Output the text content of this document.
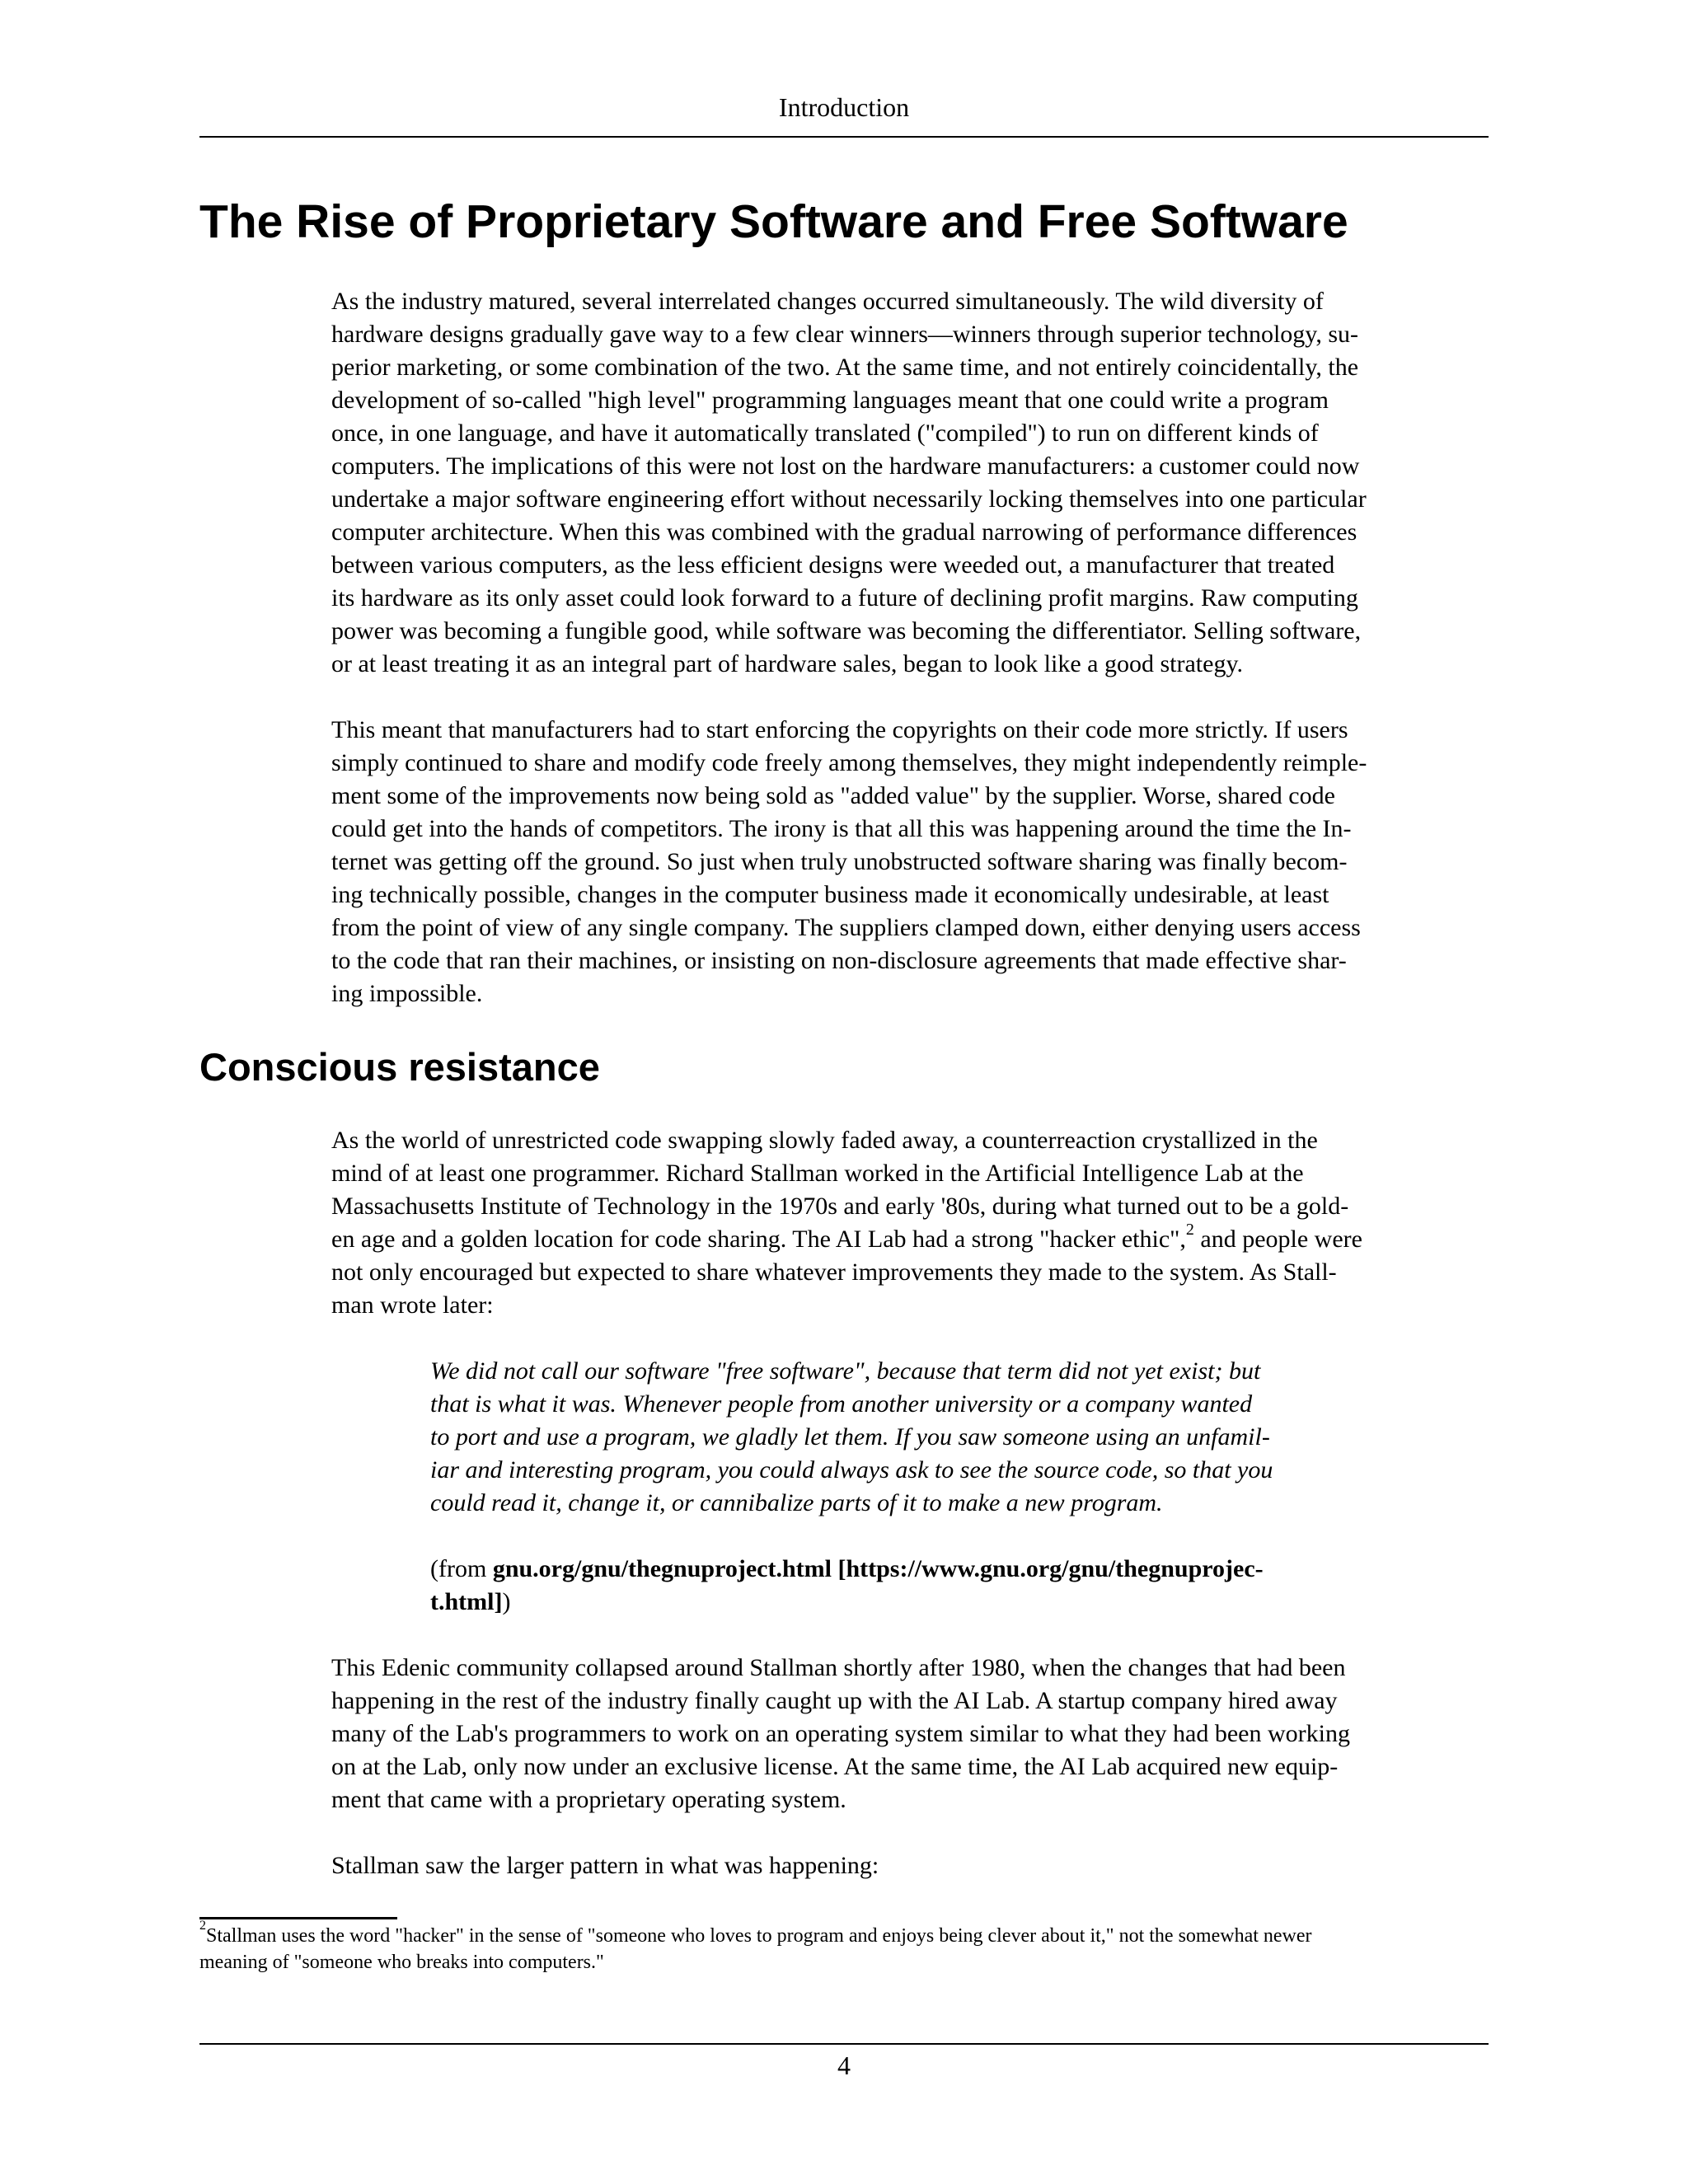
Introduction
The Rise of Proprietary Software and Free Software

As the industry matured, several interrelated changes occurred simultaneously. The wild diversity of
hardware designs gradually gave way to a few clear winners—winners through superior technology, su-
perior marketing, or some combination of the two. At the same time, and not entirely coincidentally, the
development of so-called "high level" programming languages meant that one could write a program
once, in one language, and have it automatically translated ("compiled") to run on different kinds of
computers. The implications of this were not lost on the hardware manufacturers: a customer could now
undertake a major software engineering effort without necessarily locking themselves into one particular
computer architecture. When this was combined with the gradual narrowing of performance differences
between various computers, as the less efficient designs were weeded out, a manufacturer that treated
its hardware as its only asset could look forward to a future of declining profit margins. Raw computing
power was becoming a fungible good, while software was becoming the differentiator. Selling software,
or at least treating it as an integral part of hardware sales, began to look like a good strategy.

This meant that manufacturers had to start enforcing the copyrights on their code more strictly. If users
simply continued to share and modify code freely among themselves, they might independently reimple-
ment some of the improvements now being sold as "added value" by the supplier. Worse, shared code
could get into the hands of competitors. The irony is that all this was happening around the time the In-
ternet was getting off the ground. So just when truly unobstructed software sharing was finally becom-
ing technically possible, changes in the computer business made it economically undesirable, at least
from the point of view of any single company. The suppliers clamped down, either denying users access
to the code that ran their machines, or insisting on non-disclosure agreements that made effective shar-
ing impossible.

Conscious resistance

As the world of unrestricted code swapping slowly faded away, a counterreaction crystallized in the
mind of at least one programmer. Richard Stallman worked in the Artificial Intelligence Lab at the
Massachusetts Institute of Technology in the 1970s and early '80s, during what turned out to be a gold-
en age and a golden location for code sharing. The AI Lab had a strong "hacker ethic",$^2$ and people were
not only encouraged but expected to share whatever improvements they made to the system. As Stall-
man wrote later:

We did not call our software "free software", because that term did not yet exist; but
that is what it was. Whenever people from another university or a company wanted
to port and use a program, we gladly let them. If you saw someone using an unfamil-
iar and interesting program, you could always ask to see the source code, so that you
could read it, change it, or cannibalize parts of it to make a new program.

(from gnu.org/gnu/thegnuproject.html [https://www.gnu.org/gnu/thegnuprojec-
t.html])

This Edenic community collapsed around Stallman shortly after 1980, when the changes that had been
happening in the rest of the industry finally caught up with the AI Lab. A startup company hired away
many of the Lab's programmers to work on an operating system similar to what they had been working
on at the Lab, only now under an exclusive license. At the same time, the AI Lab acquired new equip-
ment that came with a proprietary operating system.

Stallman saw the larger pattern in what was happening:

$^2$Stallman uses the word "hacker" in the sense of "someone who loves to program and enjoys being clever about it," not the somewhat newer
meaning of "someone who breaks into computers."

4
